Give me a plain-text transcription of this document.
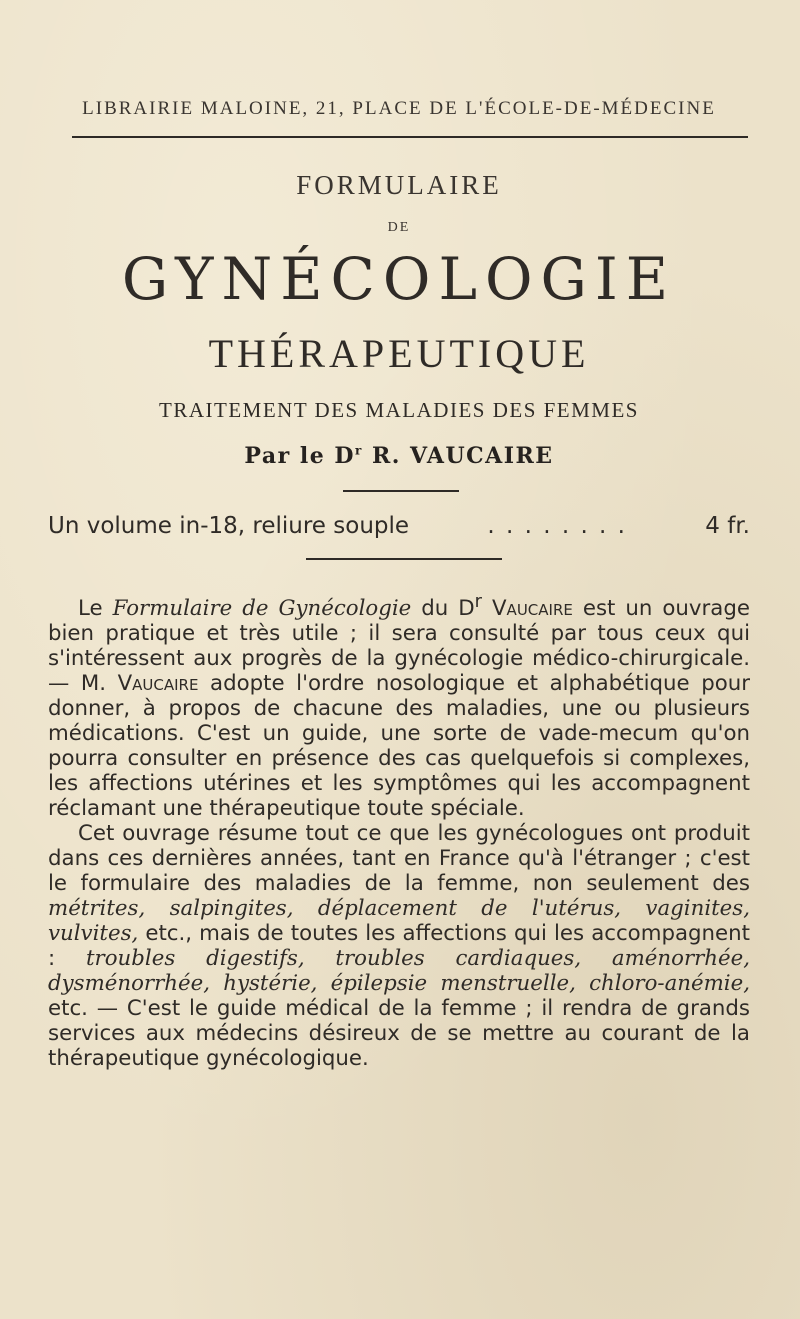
LIBRAIRIE MALOINE, 21, PLACE DE L'ÉCOLE-DE-MÉDECINE
FORMULAIRE
DE
GYNÉCOLOGIE
THÉRAPEUTIQUE
TRAITEMENT DES MALADIES DES FEMMES
Par le $D^r$ R. VAUCAIRE
Un volume in-18, reliure souple	. . . . . . . .	4 fr.

Le Formulaire de Gynécologie du $D^r$ Vaucaire est un ouvrage bien pratique et très utile ; il sera consulté par tous ceux qui s'intéressent aux progrès de la gynécologie médico-chirurgicale. — M. Vaucaire adopte l'ordre nosologique et alphabétique pour donner, à propos de chacune des maladies, une ou plusieurs médications. C'est un guide, une sorte de vade-mecum qu'on pourra consulter en présence des cas quelquefois si complexes, les affections utérines et les symptômes qui les accompagnent réclamant une thérapeutique toute spéciale.

Cet ouvrage résume tout ce que les gynécologues ont produit dans ces dernières années, tant en France qu'à l'étranger ; c'est le formulaire des maladies de la femme, non seulement des métrites, salpingites, déplacement de l'utérus, vaginites, vulvites, etc., mais de toutes les affections qui les accompagnent : troubles digestifs, troubles cardiaques, aménorrhée, dysménorrhée, hystérie, épilepsie menstruelle, chloro-anémie, etc. — C'est le guide médical de la femme ; il rendra de grands services aux médecins désireux de se mettre au courant de la thérapeutique gynécologique.
